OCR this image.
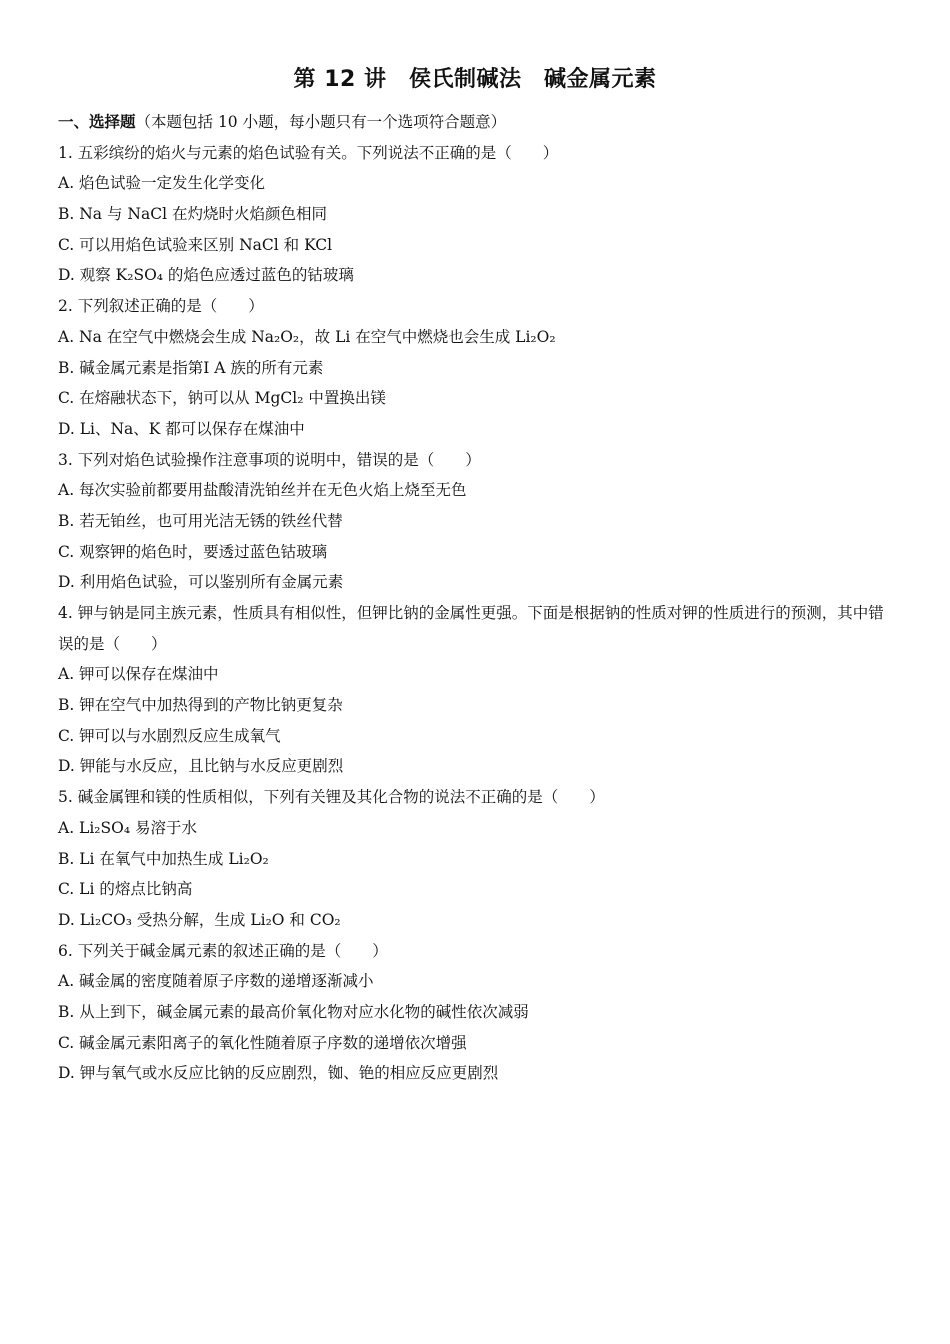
第 12 讲　侯氏制碱法　碱金属元素
一、选择题（本题包括 10 小题，每小题只有一个选项符合题意）
1. 五彩缤纷的焰火与元素的焰色试验有关。下列说法不正确的是（　　）
A. 焰色试验一定发生化学变化
B. Na 与 NaCl 在灼烧时火焰颜色相同
C. 可以用焰色试验来区别 NaCl 和 KCl
D. 观察 K₂SO₄ 的焰色应透过蓝色的钴玻璃
2. 下列叙述正确的是（　　）
A. Na 在空气中燃烧会生成 Na₂O₂，故 Li 在空气中燃烧也会生成 Li₂O₂
B. 碱金属元素是指第Ⅰ A 族的所有元素
C. 在熔融状态下，钠可以从 MgCl₂ 中置换出镁
D. Li、Na、K 都可以保存在煤油中
3. 下列对焰色试验操作注意事项的说明中，错误的是（　　）
A. 每次实验前都要用盐酸清洗铂丝并在无色火焰上烧至无色
B. 若无铂丝，也可用光洁无锈的铁丝代替
C. 观察钾的焰色时，要透过蓝色钴玻璃
D. 利用焰色试验，可以鉴别所有金属元素
4. 钾与钠是同主族元素，性质具有相似性，但钾比钠的金属性更强。下面是根据钠的性质对钾的性质进行的预测，其中错误的是（　　）
A. 钾可以保存在煤油中
B. 钾在空气中加热得到的产物比钠更复杂
C. 钾可以与水剧烈反应生成氧气
D. 钾能与水反应，且比钠与水反应更剧烈
5. 碱金属锂和镁的性质相似，下列有关锂及其化合物的说法不正确的是（　　）
A. Li₂SO₄ 易溶于水
B. Li 在氧气中加热生成 Li₂O₂
C. Li 的熔点比钠高
D. Li₂CO₃ 受热分解，生成 Li₂O 和 CO₂
6. 下列关于碱金属元素的叙述正确的是（　　）
A. 碱金属的密度随着原子序数的递增逐渐减小
B. 从上到下，碱金属元素的最高价氧化物对应水化物的碱性依次减弱
C. 碱金属元素阳离子的氧化性随着原子序数的递增依次增强
D. 钾与氧气或水反应比钠的反应剧烈，铷、铯的相应反应更剧烈
